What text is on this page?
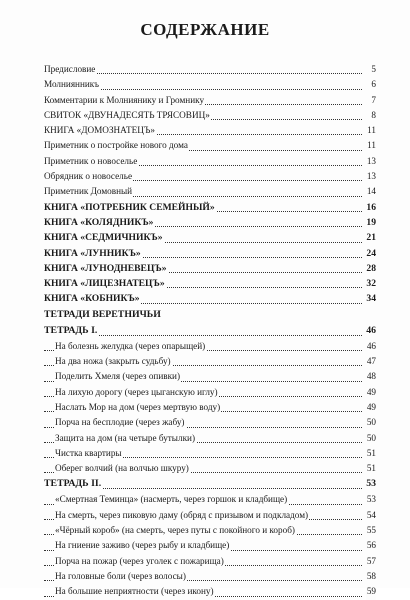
СОДЕРЖАНИЕ
Предисловие	5
Молниянникъ	6
Комментарии к Молниянику и Громнику	7
СВИТОК «ДВУНАДЕСЯТЬ ТРЯСОВИЦ»	8
КНИГА «ДОМОЗНАТЕЦЪ»	11
Приметник о постройке нового дома	11
Приметник о новоселье	13
Обрядник о новоселье	13
Приметник Домовный	14
КНИГА «ПОТРЕБНИК СЕМЕЙНЫЙ»	16
КНИГА «КОЛЯДНИКЪ»	19
КНИГА «СЕДМИЧНИКЪ»	21
КНИГА «ЛУННИКЪ»	24
КНИГА «ЛУНОДНЕВЕЦЪ»	28
КНИГА «ЛИЦЕЗНАТЕЦЪ»	32
КНИГА «КОБНИКЪ»	34
ТЕТРАДИ ВЕРЕТНИЧЬИ
ТЕТРАДЬ I.	46
На болезнь желудка (через опарыщей)	46
На два ножа (закрыть судьбу)	47
Поделить Хмеля (через опивки)	48
На лихую дорогу (через цыганскую иглу)	49
Наслать Мор на дом (через мертвую воду)	49
Порча на бесплодие (через жабу)	50
Защита на дом (на четыре бутылки)	50
Чистка квартиры	51
Оберег волчий (на волчью шкуру)	51
ТЕТРАДЬ II.	53
«Смертная Теминца» (насмерть, через горшок и кладбище)	53
На смерть, через пиковую даму (обряд с призывом и подкладом)	54
«Чёрный короб» (на смерть, через путы с покойного и короб)	55
На гниение заживо (через рыбу и кладбище)	56
Порча на пожар (через уголек с пожарища)	57
На головные боли (через волосы)	58
На большие неприятности (через икону)	59
